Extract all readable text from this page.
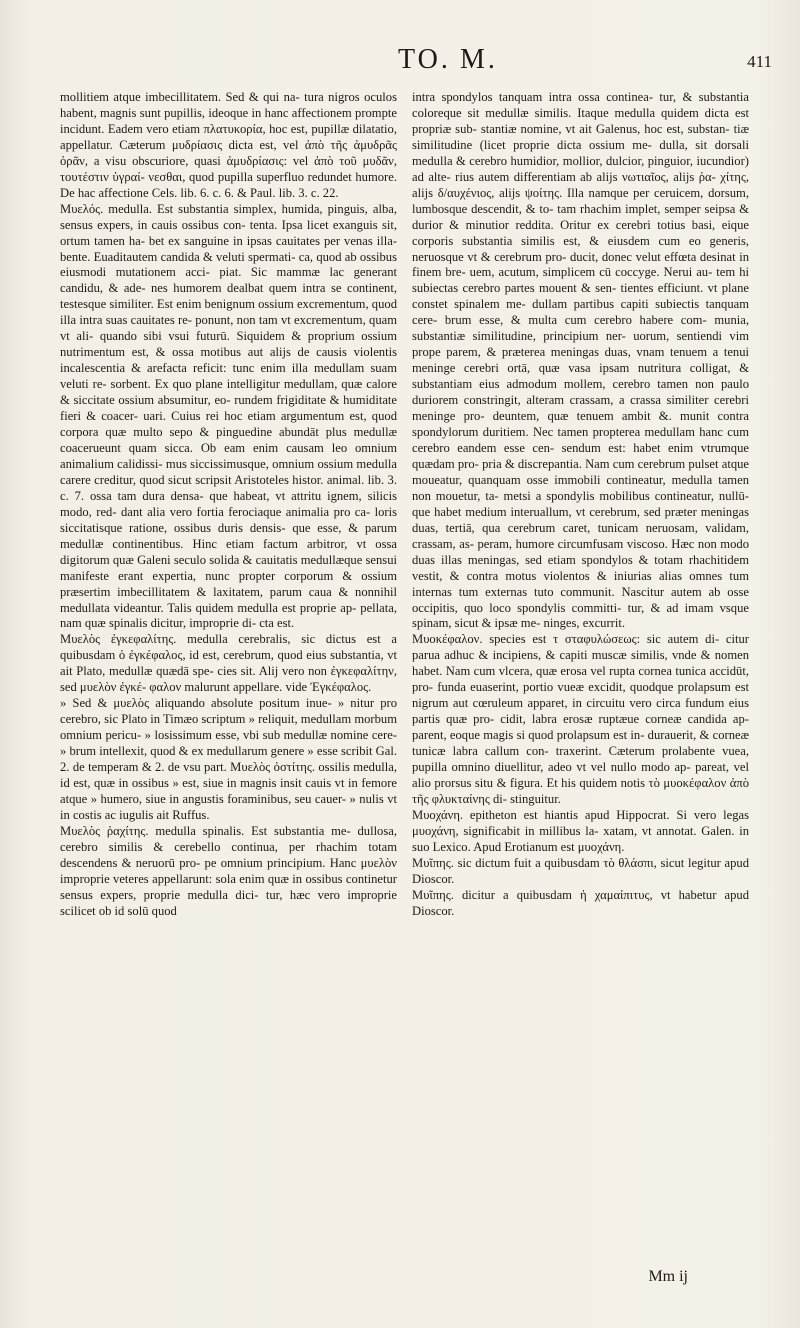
TO. M.	411

mollitiem atque imbecillitatem. Sed & qui na- tura nigros oculos habent, magnis sunt pupillis, ideoque in hanc affectionem prompte incidunt. Eadem vero etiam πλατυκορία, hoc est, pupillæ dilatatio, appellatur. Cæterum μυδρίασις dicta est, vel ἀπὸ τῆς ἀμυδρᾶς ὁρᾶν, a visu obscuriore, quasi ἀμυδρίασις: vel ἀπὸ τοῦ μυδᾶν, τουτέστιν ὑγραί- νεσθαι, quod pupilla superfluo redundet humore. De hac affectione Cels. lib. 6. c. 6. & Paul. lib. 3. c. 22.

Μυελός. medulla. Est substantia simplex, humida, pinguis, alba, sensus expers, in cauis ossibus con- tenta. Ipsa licet exanguis sit, ortum tamen ha- bet ex sanguine in ipsas cauitates per venas illa- bente. Euaditautem candida & veluti spermati- ca, quod ab ossibus eiusmodi mutationem acci- piat. Sic mammæ lac generant candidu, & ade- nes humorem dealbat quem intra se continent, testesque similiter. Est enim benignum ossium excrementum, quod illa intra suas cauitates re- ponunt, non tam vt excrementum, quam vt ali- quando sibi vsui futurū. Siquidem & proprium ossium nutrimentum est, & ossa motibus aut alijs de causis violentis incalescentia & arefacta reficit: tunc enim illa medullam suam veluti re- sorbent. Ex quo plane intelligitur medullam, quæ calore & siccitate ossium absumitur, eo- rundem frigiditate & humiditate fieri & coacer- uari. Cuius rei hoc etiam argumentum est, quod corpora quæ multo sepo & pinguedine abundāt plus medullæ coacerueunt quam sicca. Ob eam enim causam leo omnium animalium calidissi- mus siccissimusque, omnium ossium medulla carere creditur, quod sicut scripsit Aristoteles histor. animal. lib. 3. c. 7. ossa tam dura densa- que habeat, vt attritu ignem, silicis modo, red- dant alia vero fortia ferociaque animalia pro ca- loris siccitatisque ratione, ossibus duris densis- que esse, & parum medullæ continentibus. Hinc etiam factum arbitror, vt ossa digitorum quæ Galeni seculo solida & cauitatis medullæque sensui manifeste erant expertia, nunc propter corporum & ossium præsertim imbecillitatem & laxitatem, parum caua & nonnihil medullata videantur. Talis quidem medulla est proprie ap- pellata, nam quæ spinalis dicitur, improprie di- cta est.

Μυελὸς ἐγκεφαλίτης. medulla cerebralis, sic dictus est a quibusdam ὁ ἐγκέφαλος, id est, cerebrum, quod eius substantia, vt ait Plato, medullæ quædā spe- cies sit. Alij vero non ἐγκεφαλίτην, sed μυελὸν ἐγκέ- φαλον malurunt appellare. vide Ἐγκέφαλος.

» Sed & μυελὸς aliquando absolute positum inue- » nitur pro cerebro, sic Plato in Timæo scriptum » reliquit, medullam morbum omnium pericu- » losissimum esse, vbi sub medullæ nomine cere- » brum intellexit, quod & ex medullarum genere » esse scribit Gal. 2. de temperam & 2. de vsu part. Μυελὸς ὀστίτης. ossilis medulla, id est, quæ in ossibus » est, siue in magnis insit cauis vt in femore atque » humero, siue in angustis foraminibus, seu cauer- » nulis vt in costis ac iugulis ait Ruffus.

Μυελὸς ῥαχίτης. medulla spinalis. Est substantia me- dullosa, cerebro similis & cerebello continua, per rhachim totam descendens & neruorū pro- pe omnium principium. Hanc μυελὸν improprie veteres appellarunt: sola enim quæ in ossibus continetur sensus expers, proprie medulla dici- tur, hæc vero improprie scilicet ob id solū quod

intra spondylos tanquam intra ossa continea- tur, & substantia coloreque sit medullæ similis. Itaque medulla quidem dicta est propriæ sub- stantiæ nomine, vt ait Galenus, hoc est, substan- tiæ similitudine (licet proprie dicta ossium me- dulla, sit dorsali medulla & cerebro humidior, mollior, dulcior, pinguior, iucundior) ad alte- rius autem differentiam ab alijs νωτιαῖος, alijs ῥα- χίτης, alijs δ/αυχένιος, alijs ψοίτης. Illa namque per ceruicem, dorsum, lumbosque descendit, & to- tam rhachim implet, semper seipsa & durior & minutior reddita. Oritur ex cerebri totius basi, eique corporis substantia similis est, & eiusdem cum eo generis, neruosque vt & cerebrum pro- ducit, donec velut effœta desinat in finem bre- uem, acutum, simplicem cū coccyge. Nerui au- tem hi subiectas cerebro partes mouent & sen- tientes efficiunt. vt plane constet spinalem me- dullam partibus capiti subiectis tanquam cere- brum esse, & multa cum cerebro habere com- munia, substantiæ similitudine, principium ner- uorum, sentiendi vim prope parem, & præterea meningas duas, vnam tenuem a tenui meninge cerebri ortā, quæ vasa ipsam nutritura colligat, & substantiam eius admodum mollem, cerebro tamen non paulo duriorem constringit, alteram crassam, a crassa similiter cerebri meninge pro- deuntem, quæ tenuem ambit &. munit contra spondylorum duritiem. Nec tamen propterea medullam hanc cum cerebro eandem esse cen- sendum est: habet enim vtrumque quædam pro- pria & discrepantia. Nam cum cerebrum pulset atque moueatur, quanquam osse immobili contineatur, medulla tamen non mouetur, ta- metsi a spondylis mobilibus contineatur, nullū- que habet medium interuallum, vt cerebrum, sed præter meningas duas, tertiā, qua cerebrum caret, tunicam neruosam, validam, crassam, as- peram, humore circumfusam viscoso. Hæc non modo duas illas meningas, sed etiam spondylos & totam rhachitidem vestit, & contra motus violentos & iniurias alias omnes tum internas tum externas tuto communit. Nascitur autem ab osse occipitis, quo loco spondylis committi- tur, & ad imam vsque spinam, sicut & ipsæ me- ninges, excurrit.

Μυοκέφαλον. species est τ σταφυλώσεως: sic autem di- citur parua adhuc & incipiens, & capiti muscæ similis, vnde & nomen habet. Nam cum vlcera, quæ erosa vel rupta cornea tunica accidūt, pro- funda euaserint, portio vueæ excidit, quodque prolapsum est nigrum aut cœruleum apparet, in circuitu vero circa fundum eius partis quæ pro- cidit, labra erosæ ruptæue corneæ candida ap- parent, eoque magis si quod prolapsum est in- durauerit, & corneæ tunicæ labra callum con- traxerint. Cæterum prolabente vuea, pupilla omnino diuellitur, adeo vt vel nullo modo ap- pareat, vel alio prorsus situ & figura. Et his quidem notis τὸ μυοκέφαλον ἀπὸ τῆς φλυκταίνης di- stinguitur.

Μυοχάνη. epitheton est hiantis apud Hippocrat. Si vero legas μυοχάνη, significabit in millibus la- xatam, vt annotat. Galen. in suo Lexico. Apud Erotianum est μυοχάνη.

Μυῖπης. sic dictum fuit a quibusdam τὸ θλάσπι, sicut legitur apud Dioscor.

Μυῖπης. dicitur a quibusdam ἡ χαμαίπιτυς, vt habetur apud Dioscor.

Mm ij
